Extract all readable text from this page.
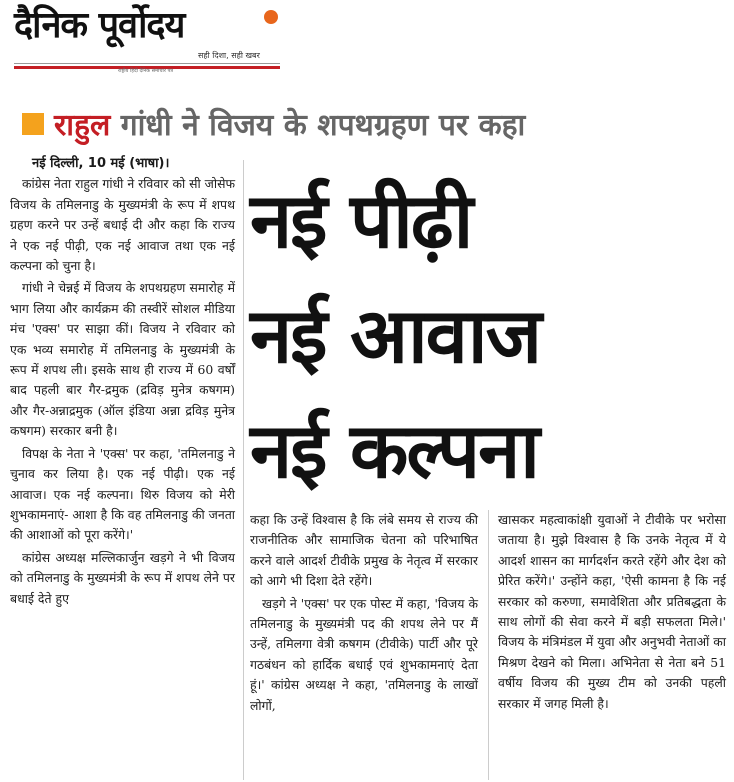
दैनिक पूर्वोदय
सही दिशा, सही खबर
राष्ट्रीय हिंदी दैनिक समाचार पत्र
राहुल गांधी ने विजय के शपथग्रहण पर कहा
नई पीढ़ी
नई आवाज
नई कल्पना
नई दिल्ली, 10 मई (भाषा)।

कांग्रेस नेता राहुल गांधी ने रविवार को सी जोसेफ विजय के तमिलनाडु के मुख्यमंत्री के रूप में शपथ ग्रहण करने पर उन्हें बधाई दी और कहा कि राज्य ने एक नई पीढ़ी, एक नई आवाज तथा एक नई कल्पना को चुना है।

गांधी ने चेन्नई में विजय के शपथग्रहण समारोह में भाग लिया और कार्यक्रम की तस्वीरें सोशल मीडिया मंच 'एक्स' पर साझा कीं। विजय ने रविवार को एक भव्य समारोह में तमिलनाडु के मुख्यमंत्री के रूप में शपथ ली। इसके साथ ही राज्य में 60 वर्षों बाद पहली बार गैर-द्रमुक (द्रविड़ मुनेत्र कषगम) और गैर-अन्नाद्रमुक (ऑल इंडिया अन्ना द्रविड़ मुनेत्र कषगम) सरकार बनी है।

विपक्ष के नेता ने 'एक्स' पर कहा, 'तमिलनाडु ने चुनाव कर लिया है। एक नई पीढ़ी। एक नई आवाज। एक नई कल्पना। थिरु विजय को मेरी शुभकामनाएं- आशा है कि वह तमिलनाडु की जनता की आशाओं को पूरा करेंगे।'

कांग्रेस अध्यक्ष मल्लिकार्जुन खड़गे ने भी विजय को तमिलनाडु के मुख्यमंत्री के रूप में शपथ लेने पर बधाई देते हुए

कहा कि उन्हें विश्वास है कि लंबे समय से राज्य की राजनीतिक और सामाजिक चेतना को परिभाषित करने वाले आदर्श टीवीके प्रमुख के नेतृत्व में सरकार को आगे भी दिशा देते रहेंगे।

खड़गे ने 'एक्स' पर एक पोस्ट में कहा, 'विजय के तमिलनाडु के मुख्यमंत्री पद की शपथ लेने पर मैं उन्हें, तमिलगा वेत्री कषगम (टीवीके) पार्टी और पूरे गठबंधन को हार्दिक बधाई एवं शुभकामनाएं देता हूं।' कांग्रेस अध्यक्ष ने कहा, 'तमिलनाडु के लाखों लोगों,

खासकर महत्वाकांक्षी युवाओं ने टीवीके पर भरोसा जताया है। मुझे विश्वास है कि उनके नेतृत्व में ये आदर्श शासन का मार्गदर्शन करते रहेंगे और देश को प्रेरित करेंगे।' उन्होंने कहा, 'ऐसी कामना है कि नई सरकार को करुणा, समावेशिता और प्रतिबद्धता के साथ लोगों की सेवा करने में बड़ी सफलता मिले।' विजय के मंत्रिमंडल में युवा और अनुभवी नेताओं का मिश्रण देखने को मिला। अभिनेता से नेता बने 51 वर्षीय विजय की मुख्य टीम को उनकी पहली सरकार में जगह मिली है।
